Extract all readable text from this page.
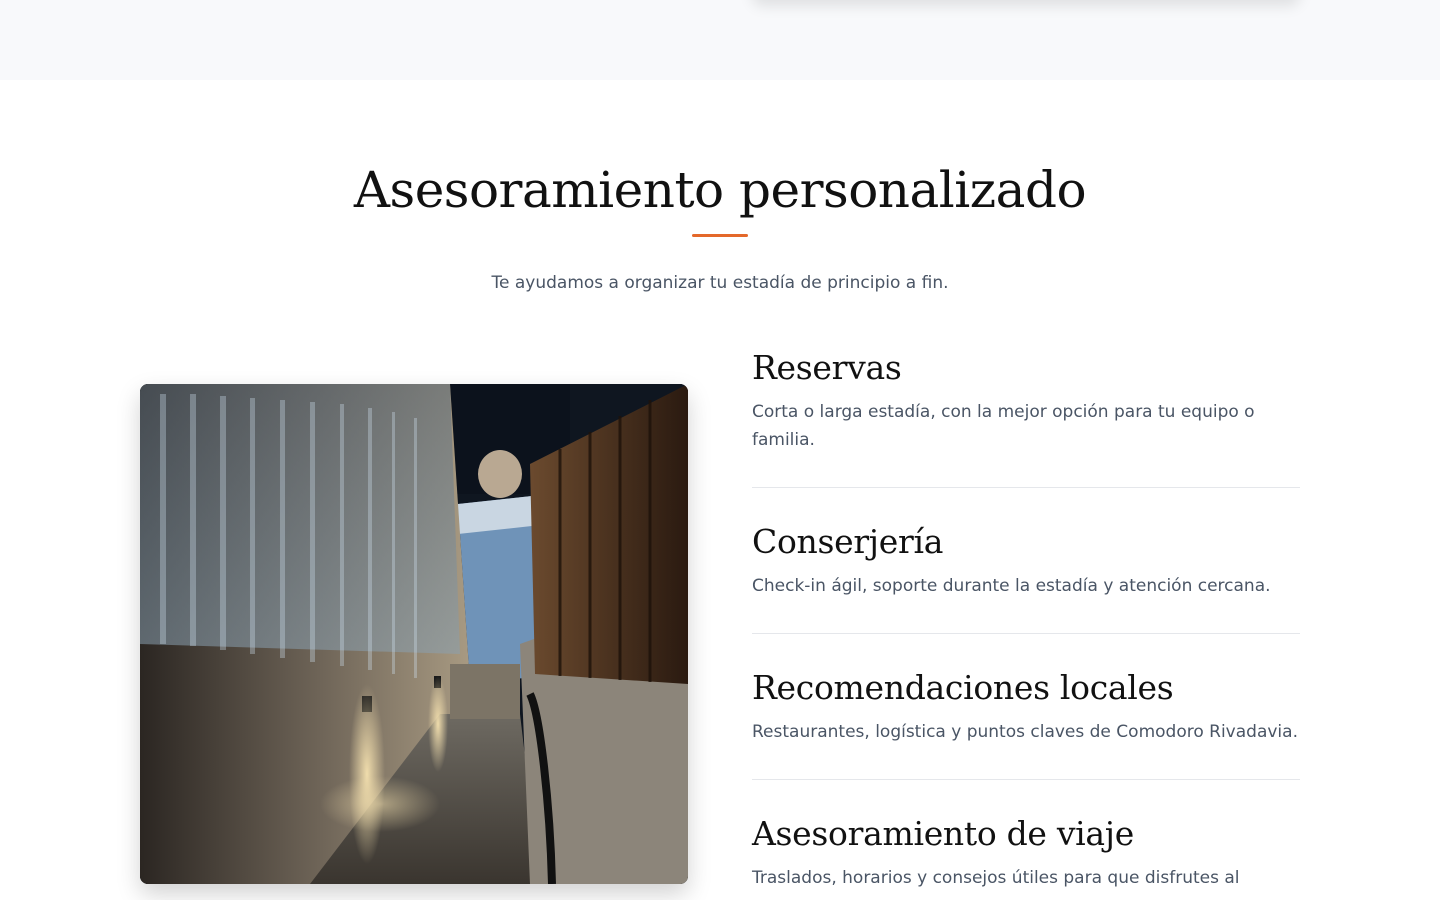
Asesoramiento personalizado

Te ayudamos a organizar tu estadía de principio a fin.

Reservas

Corta o larga estadía, con la mejor opción para tu equipo o familia.

Conserjería

Check-in ágil, soporte durante la estadía y atención cercana.

Recomendaciones locales

Restaurantes, logística y puntos claves de Comodoro Rivadavia.

Asesoramiento de viaje

Traslados, horarios y consejos útiles para que disfrutes al
